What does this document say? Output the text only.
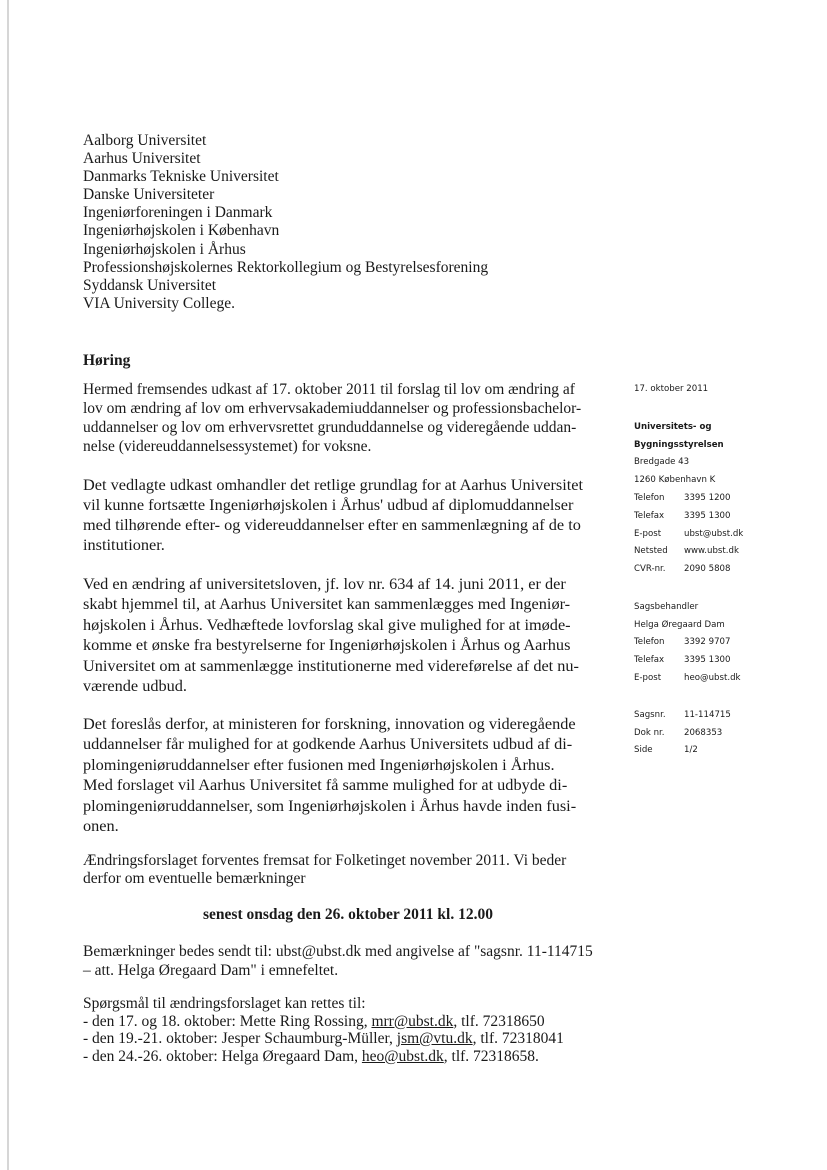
Aalborg Universitet
Aarhus Universitet
Danmarks Tekniske Universitet
Danske Universiteter
Ingeniørforeningen i Danmark
Ingeniørhøjskolen i København
Ingeniørhøjskolen i Århus
Professionshøjskolernes Rektorkollegium og Bestyrelsesforening
Syddansk Universitet
VIA University College.
Høring
Hermed fremsendes udkast af 17. oktober 2011 til forslag til lov om ændring af
lov om ændring af lov om erhvervsakademiuddannelser og professionsbachelor-
uddannelser og lov om erhvervsrettet grunduddannelse og videregående uddan-
nelse (videreuddannelsessystemet) for voksne.
Det vedlagte udkast omhandler det retlige grundlag for at Aarhus Universitet
vil kunne fortsætte Ingeniørhøjskolen i Århus' udbud af diplomuddannelser
med tilhørende efter- og videreuddannelser efter en sammenlægning af de to
institutioner.
Ved en ændring af universitetsloven, jf. lov nr. 634 af 14. juni 2011, er der
skabt hjemmel til, at Aarhus Universitet kan sammenlægges med Ingeniør-
højskolen i Århus. Vedhæftede lovforslag skal give mulighed for at imøde-
komme et ønske fra bestyrelserne for Ingeniørhøjskolen i Århus og Aarhus
Universitet om at sammenlægge institutionerne med videreførelse af det nu-
værende udbud.
Det foreslås derfor, at ministeren for forskning, innovation og videregående
uddannelser får mulighed for at godkende Aarhus Universitets udbud af di-
plomingeniøruddannelser efter fusionen med Ingeniørhøjskolen i Århus.
Med forslaget vil Aarhus Universitet få samme mulighed for at udbyde di-
plomingeniøruddannelser, som Ingeniørhøjskolen i Århus havde inden fusi-
onen.
Ændringsforslaget forventes fremsat for Folketinget november 2011. Vi beder
derfor om eventuelle bemærkninger
senest onsdag den 26. oktober 2011 kl. 12.00
Bemærkninger bedes sendt til: ubst@ubst.dk med angivelse af "sagsnr. 11-114715
– att. Helga Øregaard Dam" i emnefeltet.
Spørgsmål til ændringsforslaget kan rettes til:
- den 17. og 18. oktober: Mette Ring Rossing, mrr@ubst.dk, tlf. 72318650
- den 19.-21. oktober: Jesper Schaumburg-Müller, jsm@vtu.dk, tlf. 72318041
- den 24.-26. oktober: Helga Øregaard Dam, heo@ubst.dk, tlf. 72318658.
17. oktober 2011
Universitets- og
Bygningsstyrelsen
Bredgade 43
1260 København K
Telefon	3395 1200
Telefax	3395 1300
E-post	ubst@ubst.dk
Netsted	www.ubst.dk
CVR-nr.	2090 5808
Sagsbehandler
Helga Øregaard Dam
Telefon	3392 9707
Telefax	3395 1300
E-post	heo@ubst.dk
Sagsnr.	11-114715
Dok nr.	2068353
Side	1/2
